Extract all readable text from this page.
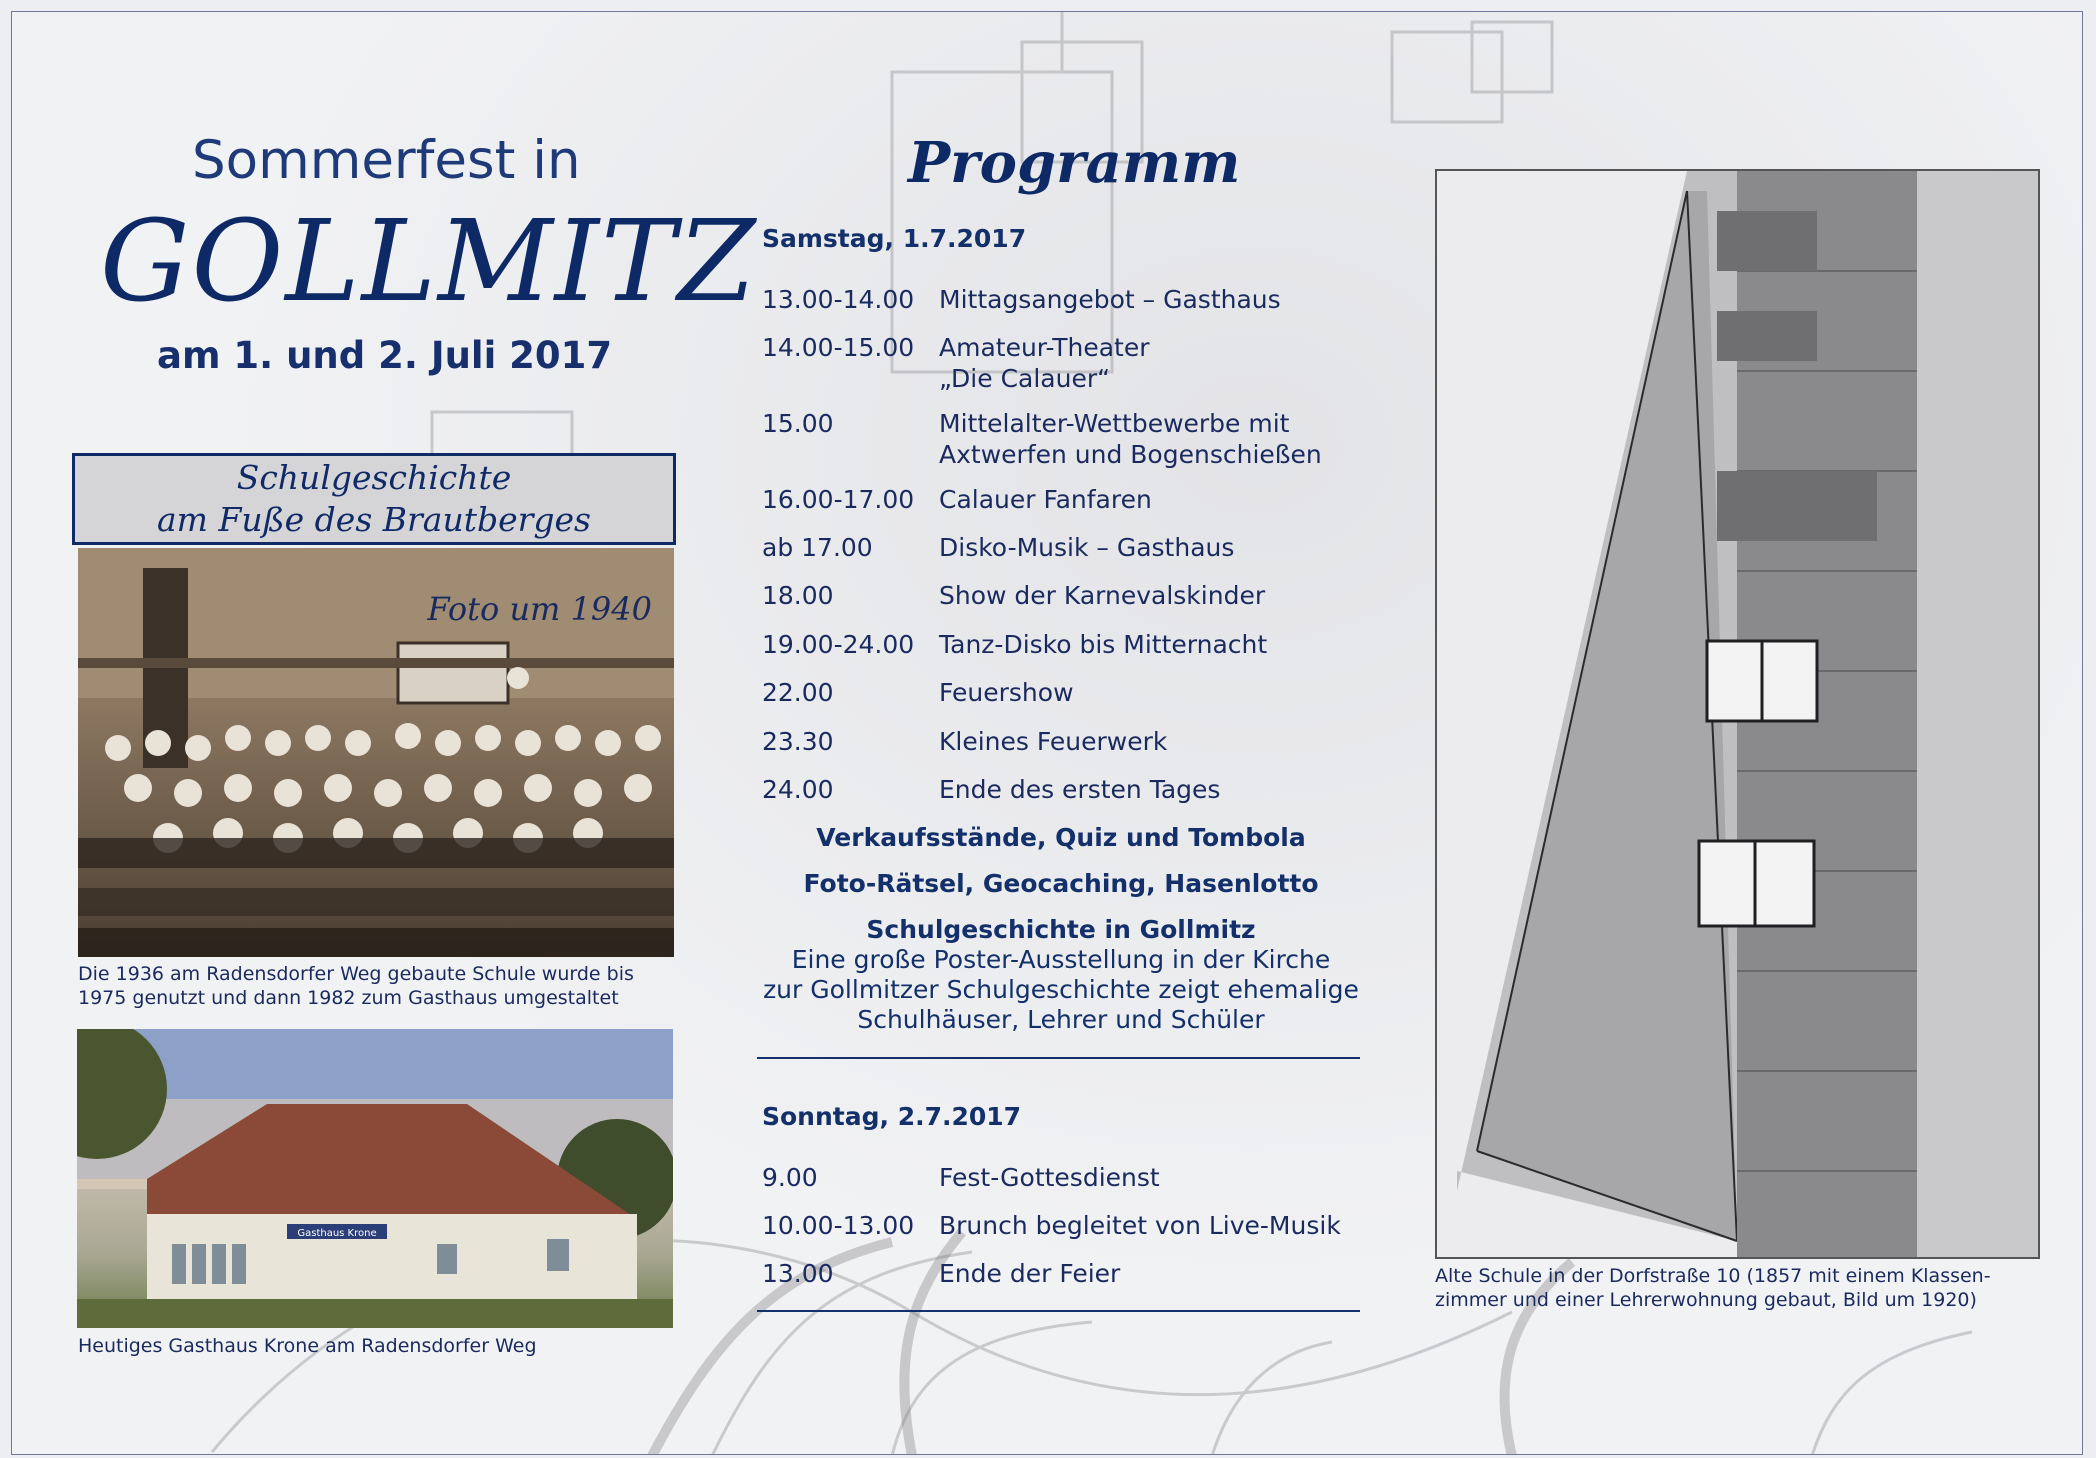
Sommerfest in
GOLLMITZ
am 1. und 2. Juli 2017
Schulgeschichte
am Fuße des Brautberges
Foto um 1940
Die 1936 am Radensdorfer Weg gebaute Schule wurde bis
1975 genutzt und dann 1982 zum Gasthaus umgestaltet
Gasthaus Krone
Heutiges Gasthaus Krone am Radensdorfer Weg
Programm
Samstag, 1.7.2017
13.00-14.00 Mittagsangebot – Gasthaus
14.00-15.00 Amateur-Theater
„Die Calauer“
15.00	Mittelalter-Wettbewerbe mit
Axtwerfen und Bogenschießen
16.00-17.00 Calauer Fanfaren
ab 17.00	Disko-Musik – Gasthaus
18.00	Show der Karnevalskinder
19.00-24.00 Tanz-Disko bis Mitternacht
22.00	Feuershow
23.30	Kleines Feuerwerk
24.00	Ende des ersten Tages
Verkaufsstände, Quiz und Tombola
Foto-Rätsel, Geocaching, Hasenlotto
Schulgeschichte in Gollmitz
Eine große Poster-Ausstellung in der Kirche
zur Gollmitzer Schulgeschichte zeigt ehemalige
Schulhäuser, Lehrer und Schüler
Sonntag, 2.7.2017
9.00	Fest-Gottesdienst
10.00-13.00 Brunch begleitet von Live-Musik
13.00	Ende der Feier	Alte Schule in der Dorfstraße 10 (1857 mit einem Klassen-
zimmer und einer Lehrerwohnung gebaut, Bild um 1920)
